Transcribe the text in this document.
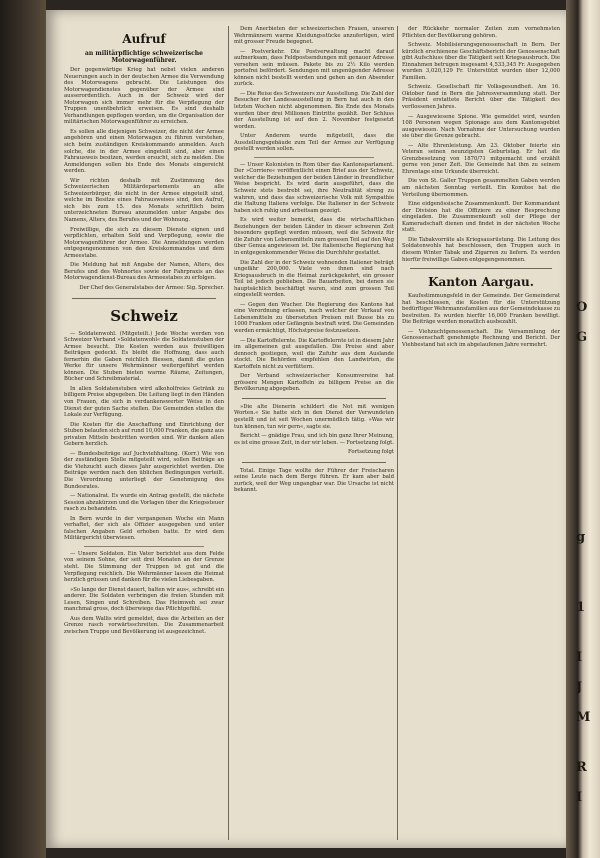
Aufruf
an militärpflichtige schweizerische Motorwagenführer.

Der gegenwärtige Krieg hat nebst vielen anderen Neuerungen auch in der deutschen Armee die Verwendung des Motorwagens gebracht. Die Leistungen des Motorwagendienstes gegenüber der Armee sind ausserordentlich. Auch in der Schweiz wird der Motorwagen sich immer mehr für die Verpflegung der Truppen unentbehrlich erweisen. Es sind deshalb Verhandlungen gepflogen worden, um die Organisation der militärischen Motorwagenführer zu erreichen.

Es sollen alle diejenigen Schweizer, die nicht der Armee angehören und einen Motorwagen zu führen verstehen, sich beim zuständigen Kreiskommando anmelden. Auch solche, die in der Armee eingeteilt sind, aber einen Fahrausweis besitzen, werden ersucht, sich zu melden. Die Anmeldungen sollen bis Ende des Monats eingereicht werden.

Wir richten deshalb mit Zustimmung des Schweizerischen Militärdepartements an alle Schweizerbürger, die nicht in der Armee eingeteilt sind, welche im Besitze eines Fahrausweises sind, den Aufruf, sich bis zum 15. des Monats schriftlich beim unterzeichneten Bureau anzumelden unter Angabe des Namens, Alters, des Berufes und der Wohnung.

Freiwillige, die sich zu diesem Dienste eignen und verpflichten, erhalten Sold und Verpflegung, sowie die Motorwagenführer der Armee. Die Anmeldungen werden entgegengenommen von den Kreiskommandos und dem Armeestabe.

Die Meldung hat mit Angabe der Namen, Alters, des Berufes und des Wohnortes sowie der Fahrpraxis an das Motorwagendienst-Bureau des Armeestabes zu erfolgen.

Der Chef des Generalstabes der Armee: Sig. Sprecher.

Schweiz

— Soldatenwohl. (Mitgeteilt.) Jede Woche werden von Schweizer Verband »Soldatenwohl« die Soldatenstuben der Armee besucht. Die Kosten werden aus freiwilligen Beiträgen gedeckt. Es bleibt die Hoffnung, dass auch fernerhin die Gaben reichlich fliessen, damit die guten Werke für unsere Wehrmänner weitergeführt werden können. Die Stuben bieten warme Räume, Zeitungen, Bücher und Schreibmaterial.

In allen Soldatenstuben wird alkoholfreies Getränk zu billigem Preise abgegeben. Die Leitung liegt in den Händen von Frauen, die sich in verdankenswerter Weise in den Dienst der guten Sache stellen. Die Gemeinden stellen die Lokale zur Verfügung.

Die Kosten für die Anschaffung und Einrichtung der Stuben belaufen sich auf rund 10,000 Franken, die ganz aus privaten Mitteln bestritten worden sind. Wir danken allen Gebern herzlich.

— Bundesbeiträge auf Juchviehhaltung. (Korr.) Wie von der zuständigen Stelle mitgeteilt wird, sollen Beiträge an die Viehzucht auch dieses Jahr ausgerichtet werden. Die Beiträge werden nach den üblichen Bedingungen verteilt. Die Verordnung unterliegt der Genehmigung des Bundesrates.

— Nationalrat. Es wurde ein Antrag gestellt, die nächste Session abzukürzen und die Vorlagen über die Kriegssteuer rasch zu behandeln.

In Bern wurde in der vergangenen Woche ein Mann verhaftet, der sich als Offizier ausgegeben und unter falschen Angaben Geld erhoben hatte. Er wird dem Militärgericht überwiesen.

— Unsere Soldaten. Ein Vater berichtet aus dem Felde von seinem Sohne, der seit drei Monaten an der Grenze steht. Die Stimmung der Truppen ist gut und die Verpflegung reichlich. Die Wehrmänner lassen die Heimat herzlich grüssen und danken für die vielen Liebesgaben.

»So lange der Dienst dauert, halten wir aus«, schreibt ein anderer. Die Soldaten verbringen die freien Stunden mit Lesen, Singen und Schreiben. Das Heimweh sei zwar manchmal gross, doch überwiege das Pflichtgefühl.

Aus dem Wallis wird gemeldet, dass die Arbeiten an der Grenze rasch vorwärtsschreiten. Die Zusammenarbeit zwischen Truppe und Bevölkerung ist ausgezeichnet.

Dem Anerbieten der schweizerischen Frauen, unseren Wehrmännern warme Kleidungsstücke anzufertigen, wird mit grosser Freude begegnet.

— Postverkehr. Die Postverwaltung macht darauf aufmerksam, dass Feldpostsendungen mit genauer Adresse versehen sein müssen. Pakete bis zu 2½ Kilo werden portofrei befördert. Sendungen mit ungenügender Adresse können nicht bestellt werden und gehen an den Absender zurück.

— Die Reise des Schweizers zur Ausstellung. Die Zahl der Besucher der Landesausstellung in Bern hat auch in den letzten Wochen nicht abgenommen. Bis Ende des Monats wurden über drei Millionen Eintritte gezählt. Der Schluss der Ausstellung ist auf den 2. November festgesetzt worden.

Unter Anderem wurde mitgeteilt, dass die Ausstellungsgebäude zum Teil der Armee zur Verfügung gestellt werden sollen.

— Unser Kolonisten in Rom über das Kantonsparlament. Der »Corriere« veröffentlicht einen Brief aus der Schweiz, welcher die Beziehungen der beiden Länder in freundlicher Weise bespricht. Es wird darin ausgeführt, dass die Schweiz stets bestrebt sei, ihre Neutralität streng zu wahren, und dass das schweizerische Volk mit Sympathie die Haltung Italiens verfolge. Die Italiener in der Schweiz haben sich ruhig und arbeitsam gezeigt.

Es wird weiter bemerkt, dass die wirtschaftlichen Beziehungen der beiden Länder in dieser schweren Zeit besonders gepflegt werden müssen, weil die Schweiz für die Zufuhr von Lebensmitteln zum grossen Teil auf den Weg über Genua angewiesen ist. Die italienische Regierung hat in entgegenkommender Weise die Durchfuhr gestattet.

Die Zahl der in der Schweiz wohnenden Italiener beträgt ungefähr 200,000. Viele von ihnen sind nach Kriegsausbruch in die Heimat zurückgekehrt, ein grosser Teil ist jedoch geblieben. Die Bauarbeiten, bei denen sie hauptsächlich beschäftigt waren, sind zum grossen Teil eingestellt worden.

— Gegen den Wucher. Die Regierung des Kantons hat eine Verordnung erlassen, nach welcher der Verkauf von Lebensmitteln zu übersetzten Preisen mit Busse bis zu 1000 Franken oder Gefängnis bestraft wird. Die Gemeinden werden ermächtigt, Höchstpreise festzusetzen.

— Die Kartoffelernte. Die Kartoffelernte ist in diesem Jahr im allgemeinen gut ausgefallen. Die Preise sind aber dennoch gestiegen, weil die Zufuhr aus dem Auslande stockt. Die Behörden empfehlen den Landwirten, die Kartoffeln nicht zu verfüttern.

Der Verband schweizerischer Konsumvereine hat grössere Mengen Kartoffeln zu billigem Preise an die Bevölkerung abgegeben.

»Die alte Dienerin schildert die Not mit wenigen Worten.« Sie hatte sich in den Dienst der Verwundeten gestellt und ist seit Wochen unermüdlich tätig. »Was wir tun können, tun wir gern«, sagte sie.

Bericht — gnädige Frau, und ich bin ganz Ihrer Meinung, es ist eine grosse Zeit, in der wir leben. — Fortsetzung folgt.

Fortsetzung folgt

Total. Einige Tage wollte der Führer der Freischaren seine Leute nach dem Berge führen. Er kam aber bald zurück, weil der Weg ungangbar war. Die Ursache ist nicht bekannt.

der Rückkehr normaler Zeiten zum vornehmsten Pflichten der Bevölkerung gehören.

Schweiz. Mobilisierungsgenossenschaft in Bern. Der kürzlich erschienene Geschäftsbericht der Genossenschaft gibt Aufschluss über die Tätigkeit seit Kriegsausbruch. Die Einnahmen betrugen insgesamt 4,533,345 Fr. Ausgegeben wurden 3,020,129 Fr. Unterstützt wurden über 12,000 Familien.

Schweiz. Gesellschaft für Volksgesundheit. Am 16. Oktober fand in Bern die Jahresversammlung statt. Der Präsident erstattete Bericht über die Tätigkeit des verflossenen Jahres.

— Ausgewiesene Spione. Wie gemeldet wird, wurden 108 Personen wegen Spionage aus dem Kantonsgebiet ausgewiesen. Nach Vornahme der Untersuchung wurden sie über die Grenze gebracht.

— Alte Ehrenleistung. Am 23. Oktober feierte ein Veteran seinen neunzigsten Geburtstag. Er hat die Grenzbesetzung von 1870/71 mitgemacht und erzählt gerne von jener Zeit. Die Gemeinde hat ihm zu seinem Ehrentage eine Urkunde überreicht.

Die von St. Galler Truppen gesammelten Gaben werden am nächsten Sonntag verteilt. Ein Komitee hat die Verteilung übernommen.

Eine eidgenössische Zusammenkunft. Der Kommandant der Division hat die Offiziere zu einer Besprechung eingeladen. Die Zusammenkunft soll der Pflege der Kameradschaft dienen und findet in der nächsten Woche statt.

Die Tabakvorräte als Kriegsausrüstung. Die Leitung des Soldatenwohls hat beschlossen, den Truppen auch in diesem Winter Tabak und Zigarren zu liefern. Es werden hierfür freiwillige Gaben entgegengenommen.

Kanton Aargau.

Kaufsstimmungsfeld in der Gemeinde. Der Gemeinderat hat beschlossen, die Kosten für die Unterstützung bedürftiger Wehrmannsfamilien aus der Gemeindekasse zu bestreiten. Es wurden hierfür 16,000 Franken bewilligt. Die Beiträge werden monatlich ausbezahlt.

— Viehzuchtgenossenschaft. Die Versammlung der Genossenschaft genehmigte Rechnung und Bericht. Der Viehbestand hat sich im abgelaufenen Jahre vermehrt.

O
G
g
1
I
J
M
R
I
